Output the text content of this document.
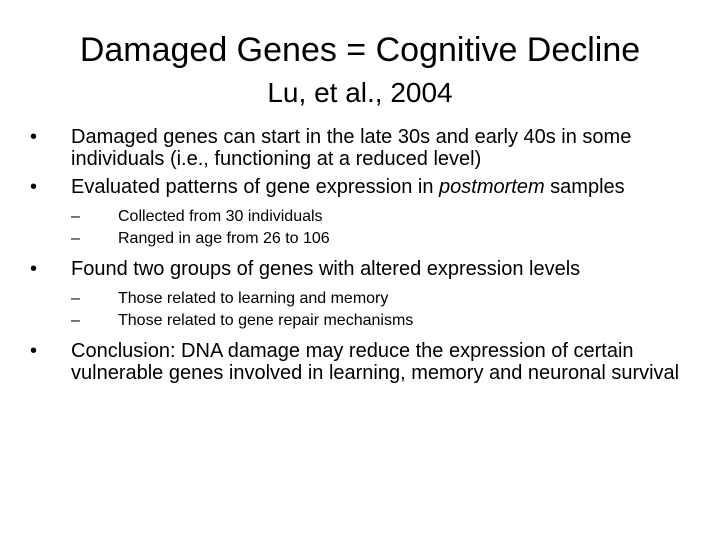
Damaged Genes = Cognitive Decline
Lu, et al., 2004
• Damaged genes can start in the late 30s and early 40s in some individuals (i.e., functioning at a reduced level)
• Evaluated patterns of gene expression in postmortem samples
– Collected from 30 individuals
– Ranged in age from 26 to 106
• Found two groups of genes with altered expression levels
– Those related to learning and memory
– Those related to gene repair mechanisms
• Conclusion: DNA damage may reduce the expression of certain vulnerable genes involved in learning, memory and neuronal survival
